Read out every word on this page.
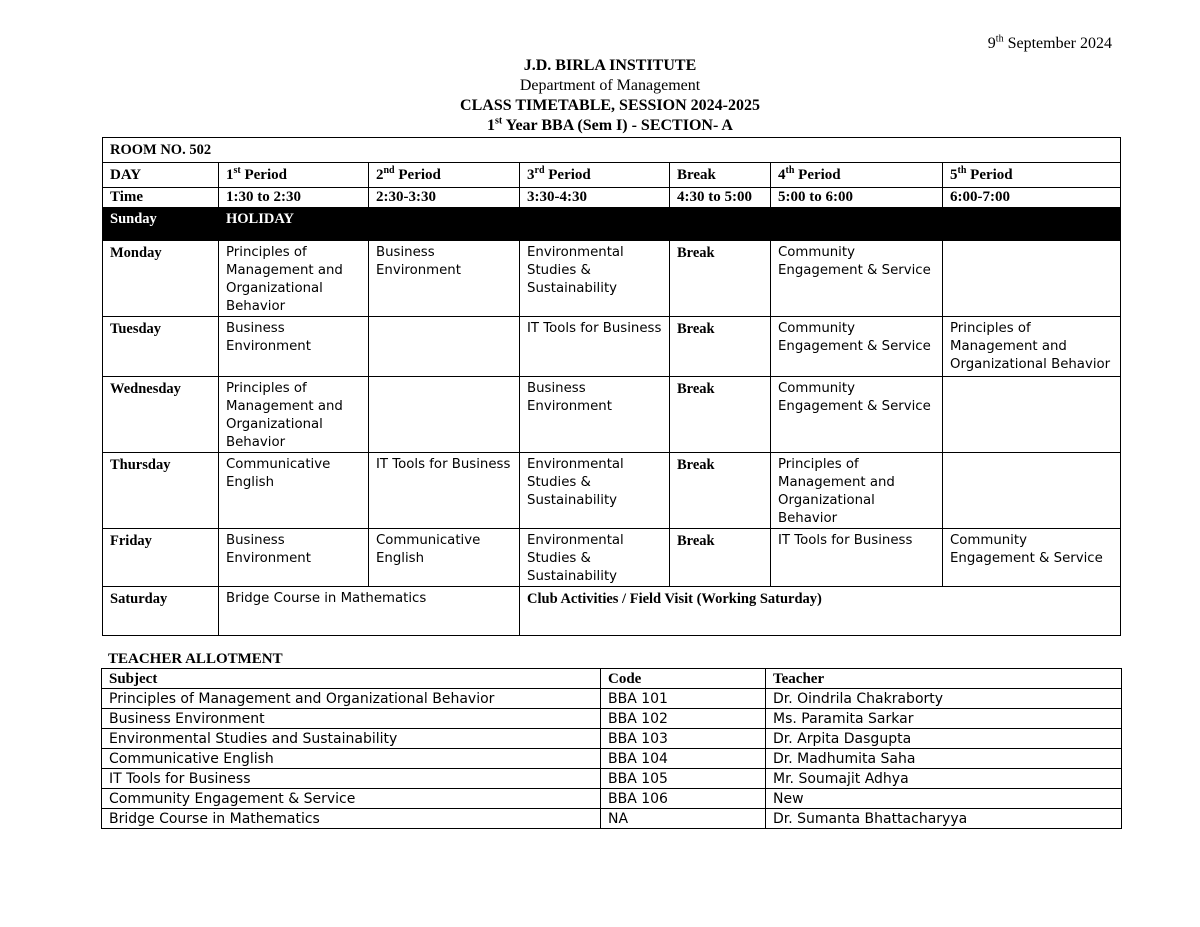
9th September 2024
J.D. BIRLA INSTITUTE
Department of Management
CLASS TIMETABLE, SESSION 2024-2025
1st Year BBA (Sem I) - SECTION- A
ROOM NO. 502						
DAY	1st Period	2nd Period	3rd Period	Break	4th Period	5th Period
Time	1:30 to 2:30	2:30-3:30	3:30-4:30	4:30 to 5:00	5:00 to 6:00	6:00-7:00
Sunday	HOLIDAY					
Monday	Principles of Management and Organizational Behavior	Business Environment	Environmental Studies & Sustainability	Break	Community Engagement & Service	
Tuesday	Business Environment		IT Tools for Business	Break	Community Engagement & Service	Principles of Management and Organizational Behavior
Wednesday	Principles of Management and Organizational Behavior		Business Environment	Break	Community Engagement & Service	
Thursday	Communicative English	IT Tools for Business	Environmental Studies & Sustainability	Break	Principles of Management and Organizational Behavior	
Friday	Business Environment	Communicative English	Environmental Studies & Sustainability	Break	IT Tools for Business	Community Engagement & Service
Saturday	Bridge Course in Mathematics		Club Activities / Field Visit (Working Saturday)			
TEACHER ALLOTMENT
Subject	Code	Teacher
Principles of Management and Organizational Behavior	BBA 101	Dr. Oindrila Chakraborty
Business Environment	BBA 102	Ms. Paramita Sarkar
Environmental Studies and Sustainability	BBA 103	Dr. Arpita Dasgupta
Communicative English	BBA 104	Dr. Madhumita Saha
IT Tools for Business	BBA 105	Mr. Soumajit Adhya
Community Engagement & Service	BBA 106	New
Bridge Course in Mathematics	NA	Dr. Sumanta Bhattacharyya
